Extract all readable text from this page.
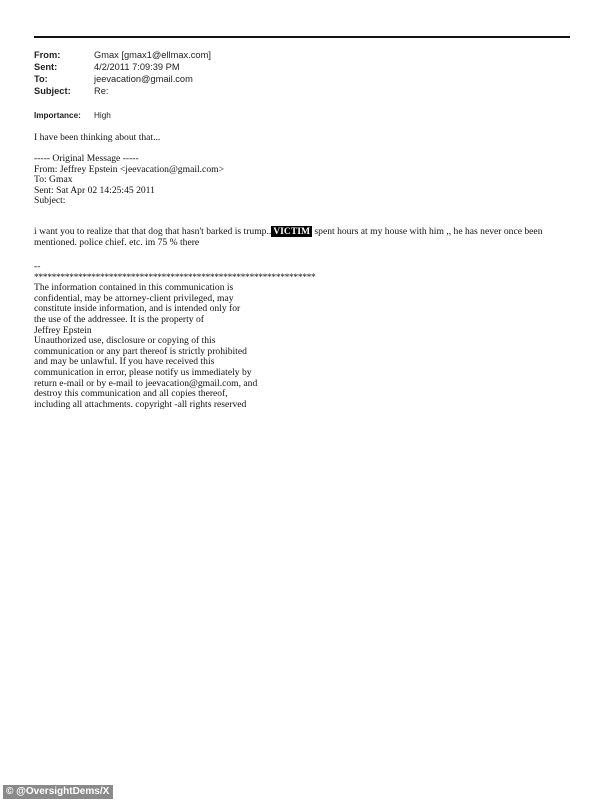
From:	Gmax [gmax1@ellmax.com]
Sent:	4/2/2011 7:09:39 PM
To:	jeevacation@gmail.com
Subject:	Re:
Importance:	High
I have been thinking about that...
----- Original Message -----
From: Jeffrey Epstein <jeevacation@gmail.com>
To: Gmax
Sent: Sat Apr 02 14:25:45 2011
Subject:
i want you to realize that that dog that hasn't barked is trump.. VICTIM spent hours at my house with him ,, he has never once been mentioned. police chief. etc. im 75 % there
--
****************************************************************
The information contained in this communication is
confidential, may be attorney-client privileged, may
constitute inside information, and is intended only for
the use of the addressee. It is the property of
Jeffrey Epstein
Unauthorized use, disclosure or copying of this
communication or any part thereof is strictly prohibited
and may be unlawful. If you have received this
communication in error, please notify us immediately by
return e-mail or by e-mail to jeevacation@gmail.com, and
destroy this communication and all copies thereof,
including all attachments. copyright -all rights reserved
© @OversightDems/X
